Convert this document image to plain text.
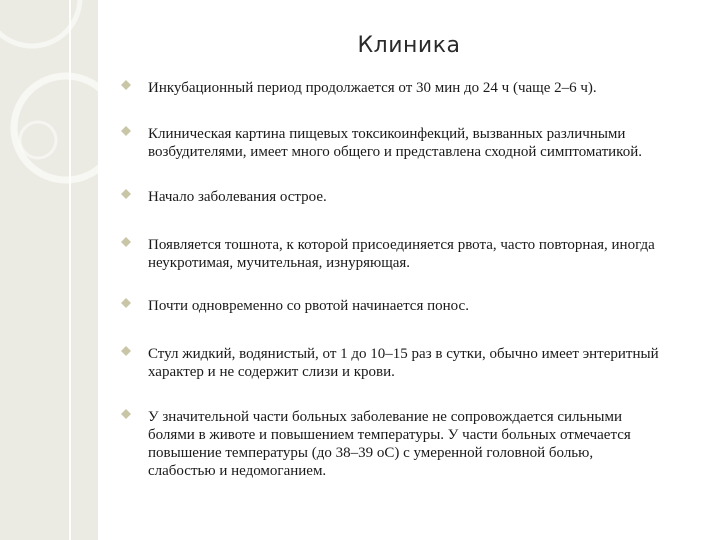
Клиника
Инкубационный период продолжается от 30 мин до 24 ч (чаще 2–6 ч).
Клиническая картина пищевых токсикоинфекций, вызванных различными
возбудителями, имеет много общего и представлена сходной симптоматикой.
Начало заболевания острое.
Появляется тошнота, к которой присоединяется рвота, часто повторная, иногда
неукротимая, мучительная, изнуряющая.
Почти одновременно со рвотой начинается понос.
Стул жидкий, водянистый, от 1 до 10–15 раз в сутки, обычно имеет энтеритный
характер и не содержит слизи и крови.
У значительной части больных заболевание не сопровождается сильными
болями в животе и повышением температуры. У части больных отмечается
повышение температуры (до 38–39 оС) с умеренной головной болью,
слабостью и недомоганием.
